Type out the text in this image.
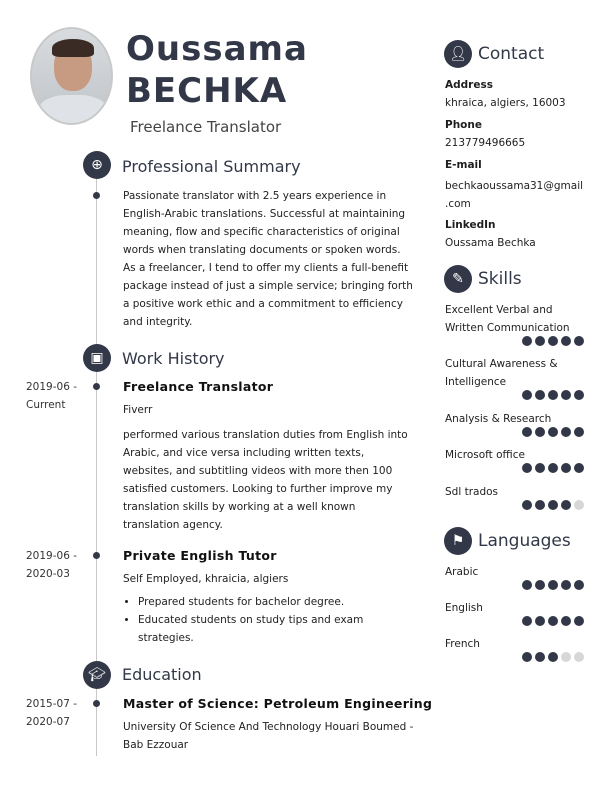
Oussama
BECHKA
Freelance Translator
⊕	Professional Summary
Passionate translator with 2.5 years experience in English-Arabic translations. Successful at maintaining meaning, flow and specific characteristics of original words when translating documents or spoken words. As a freelancer, I tend to offer my clients a full-benefit package instead of just a simple service; bringing forth a positive work ethic and a commitment to efficiency and integrity.
▣	Work History
2019-06 -
Current
Freelance Translator
Fiverr
performed various translation duties from English into Arabic, and vice versa including written texts, websites, and subtitling videos with more then 100 satisfied customers. Looking to further improve my translation skills by working at a well known translation agency.
2019-06 -
2020-03
Private English Tutor
Self Employed, khraicia, algiers
• Prepared students for bachelor degree.
• Educated students on study tips and exam strategies.
🎓︎	Education
2015-07 -
2020-07
Master of Science: Petroleum Engineering
University Of Science And Technology Houari Boumed - Bab Ezzouar
👤︎ Contact
Address
khraica, algiers, 16003
Phone
213779496665
E-mail
bechkaoussama31@gmail
.com
LinkedIn
Oussama Bechka
✎ Skills
Excellent Verbal and Written Communication
Cultural Awareness & Intelligence
Analysis & Research
Microsoft office
Sdl trados
⚑ Languages
Arabic
English
French
